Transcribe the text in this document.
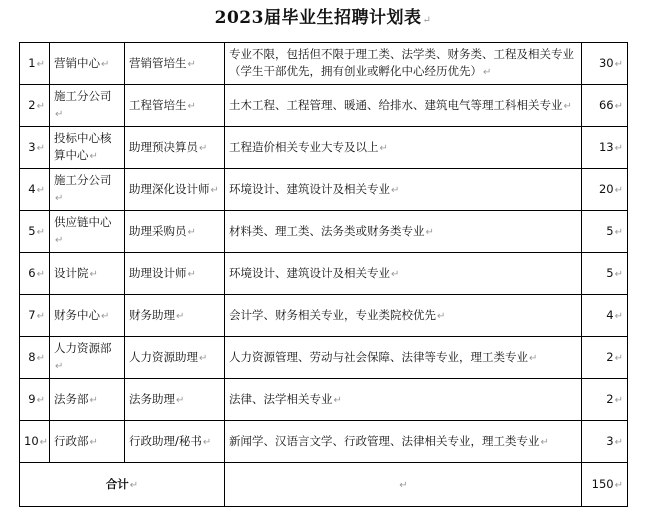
2023届毕业生招聘计划表↵
1↵	营销中心↵	营销管培生↵	专业不限，包括但不限于理工类、法学类、财务类、工程及相关专业（学生干部优先，拥有创业或孵化中心经历优先）↵	30↵
2↵	施工分公司↵	工程管培生↵	土木工程、工程管理、暖通、给排水、建筑电气等理工科相关专业↵	66↵
3↵	投标中心核算中心↵	助理预决算员↵	工程造价相关专业大专及以上↵	13↵
4↵	施工分公司↵	助理深化设计师↵	环境设计、建筑设计及相关专业↵	20↵
5↵	供应链中心↵	助理采购员↵	材料类、理工类、法务类或财务类专业↵	5↵
6↵	设计院↵	助理设计师↵	环境设计、建筑设计及相关专业↵	5↵
7↵	财务中心↵	财务助理↵	会计学、财务相关专业，专业类院校优先↵	4↵
8↵	人力资源部↵	人力资源助理↵	人力资源管理、劳动与社会保障、法律等专业，理工类专业↵	2↵
9↵	法务部↵	法务助理↵	法律、法学相关专业↵	2↵
10↵	行政部↵	行政助理/秘书↵	新闻学、汉语言文学、行政管理、法律相关专业，理工类专业↵	3↵
合计↵			↵	150↵
